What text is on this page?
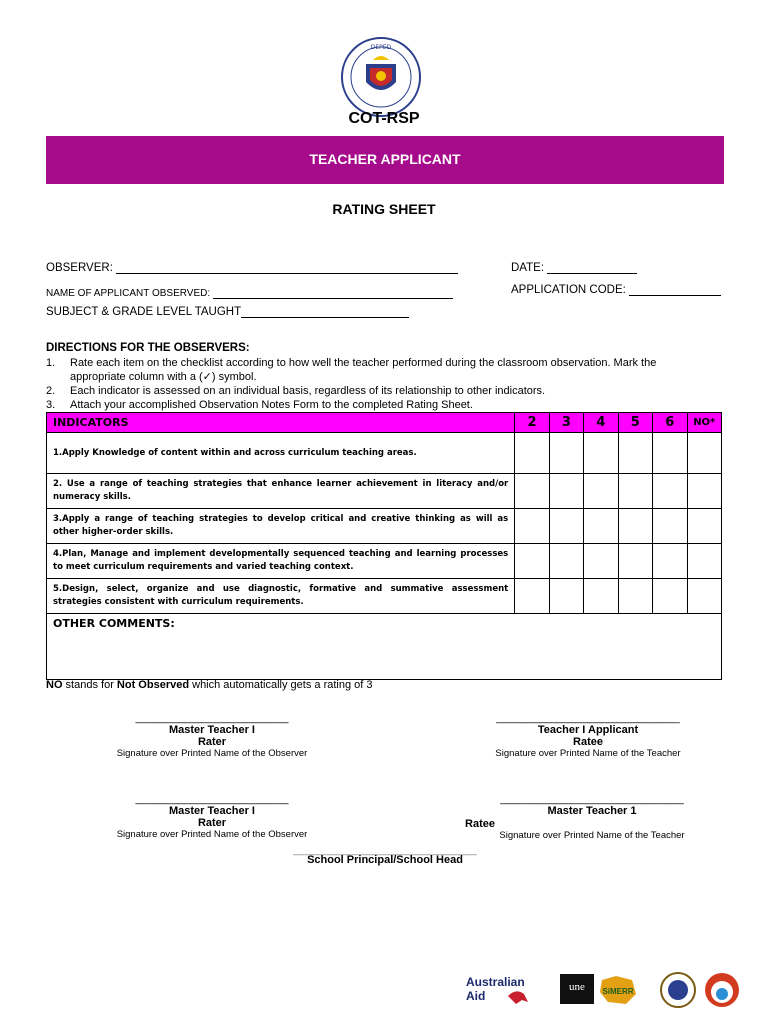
DEPED
COT-RSP
TEACHER APPLICANT
RATING SHEET
OBSERVER:	DATE:
NAME OF APPLICANT OBSERVED:	APPLICATION CODE:
SUBJECT & GRADE LEVEL TAUGHT
DIRECTIONS FOR THE OBSERVERS:
1. Rate each item on the checklist according to how well the teacher performed during the classroom observation. Mark the appropriate column with a (✓) symbol.
2. Each indicator is assessed on an individual basis, regardless of its relationship to other indicators.
3. Attach your accomplished Observation Notes Form to the completed Rating Sheet.
INDICATORS	2	3	4	5	6	NO*
1.Apply Knowledge of content within and across curriculum teaching areas.						
2. Use a range of teaching strategies that enhance learner achievement in literacy and/or numeracy skills.						
3.Apply a range of teaching strategies to develop critical and creative thinking as will as other higher-order skills.						
4.Plan, Manage and implement developmentally sequenced teaching and learning processes to meet curriculum requirements and varied teaching context.						
5.Design, select, organize and use diagnostic, formative and summative assessment strategies consistent with curriculum requirements.						
OTHER COMMENTS:						
NO stands for Not Observed which automatically gets a rating of 3
_________________________
Master Teacher I
Rater
Signature over Printed Name of the Observer
______________________________
Teacher I Applicant
Ratee
Signature over Printed Name of the Teacher
_________________________
Master Teacher I
Rater
Signature over Printed Name of the Observer
______________________________
Master Teacher 1
Signature over Printed Name of the Teacher
Ratee
______________________________
School Principal/School Head
Australian
Aid
une SiMERR
